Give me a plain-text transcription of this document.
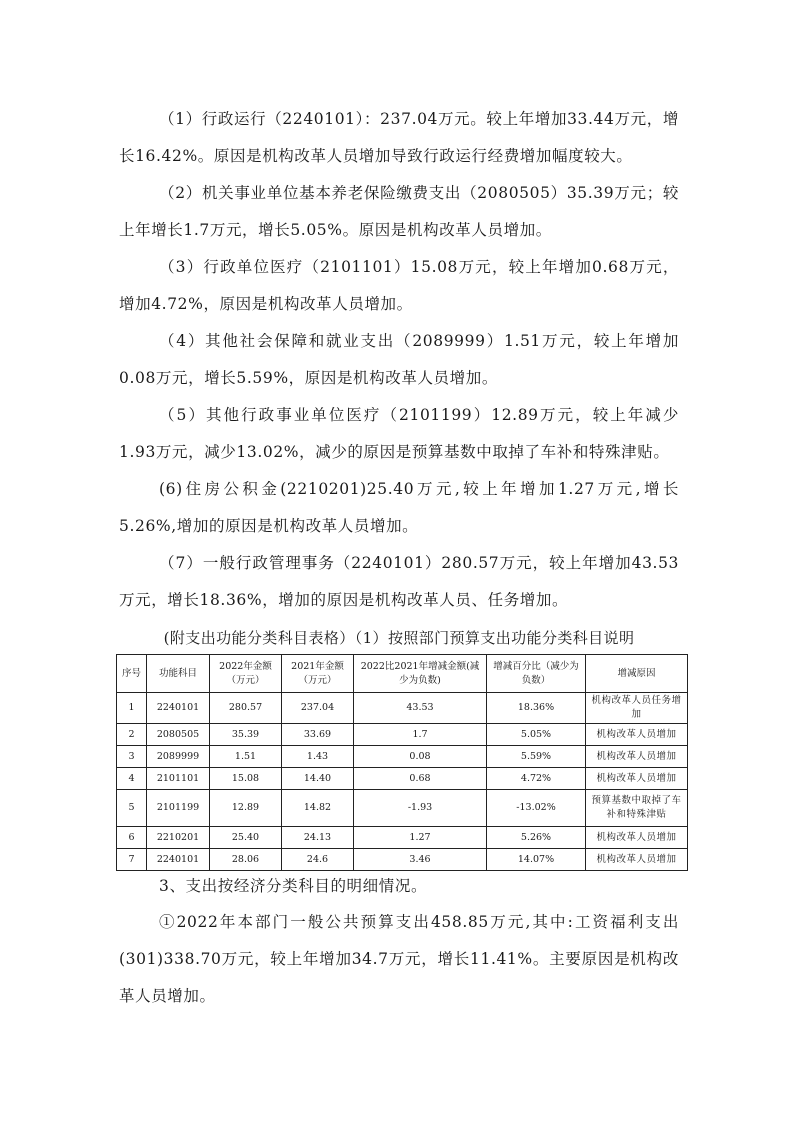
（1）行政运行（2240101）：237.04万元。较上年增加33.44万元，增长16.42%。原因是机构改革人员增加导致行政运行经费增加幅度较大。

（2）机关事业单位基本养老保险缴费支出（2080505）35.39万元；较上年增长1.7万元，增长5.05%。原因是机构改革人员增加。

（3）行政单位医疗（2101101）15.08万元，较上年增加0.68万元，增加4.72%，原因是机构改革人员增加。

（4）其他社会保障和就业支出（2089999）1.51万元，较上年增加0.08万元，增长5.59%，原因是机构改革人员增加。

（5）其他行政事业单位医疗（2101199）12.89万元，较上年减少1.93万元，减少13.02%，减少的原因是预算基数中取掉了车补和特殊津贴。

(6)住房公积金(2210201)25.40万元,较上年增加1.27万元,增长5.26%,增加的原因是机构改革人员增加。

（7）一般行政管理事务（2240101）280.57万元，较上年增加43.53万元，增长18.36%，增加的原因是机构改革人员、任务增加。

(附支出功能分类科目表格）（1）按照部门预算支出功能分类科目说明

序号	功能科目	2022年金额（万元）	2021年金额（万元）	2022比2021年增减金额(减少为负数)	增减百分比（减少为负数）	增减原因
1	2240101	280.57	237.04	43.53	18.36%	机构改革人员任务增加
2	2080505	35.39	33.69	1.7	5.05%	机构改革人员增加
3	2089999	1.51	1.43	0.08	5.59%	机构改革人员增加
4	2101101	15.08	14.40	0.68	4.72%	机构改革人员增加
5	2101199	12.89	14.82	-1.93	-13.02%	预算基数中取掉了车补和特殊津贴
6	2210201	25.40	24.13	1.27	5.26%	机构改革人员增加
7	2240101	28.06	24.6	3.46	14.07%	机构改革人员增加

3、支出按经济分类科目的明细情况。

①2022年本部门一般公共预算支出458.85万元,其中:工资福利支出(301)338.70万元，较上年增加34.7万元，增长11.41%。主要原因是机构改革人员增加。
